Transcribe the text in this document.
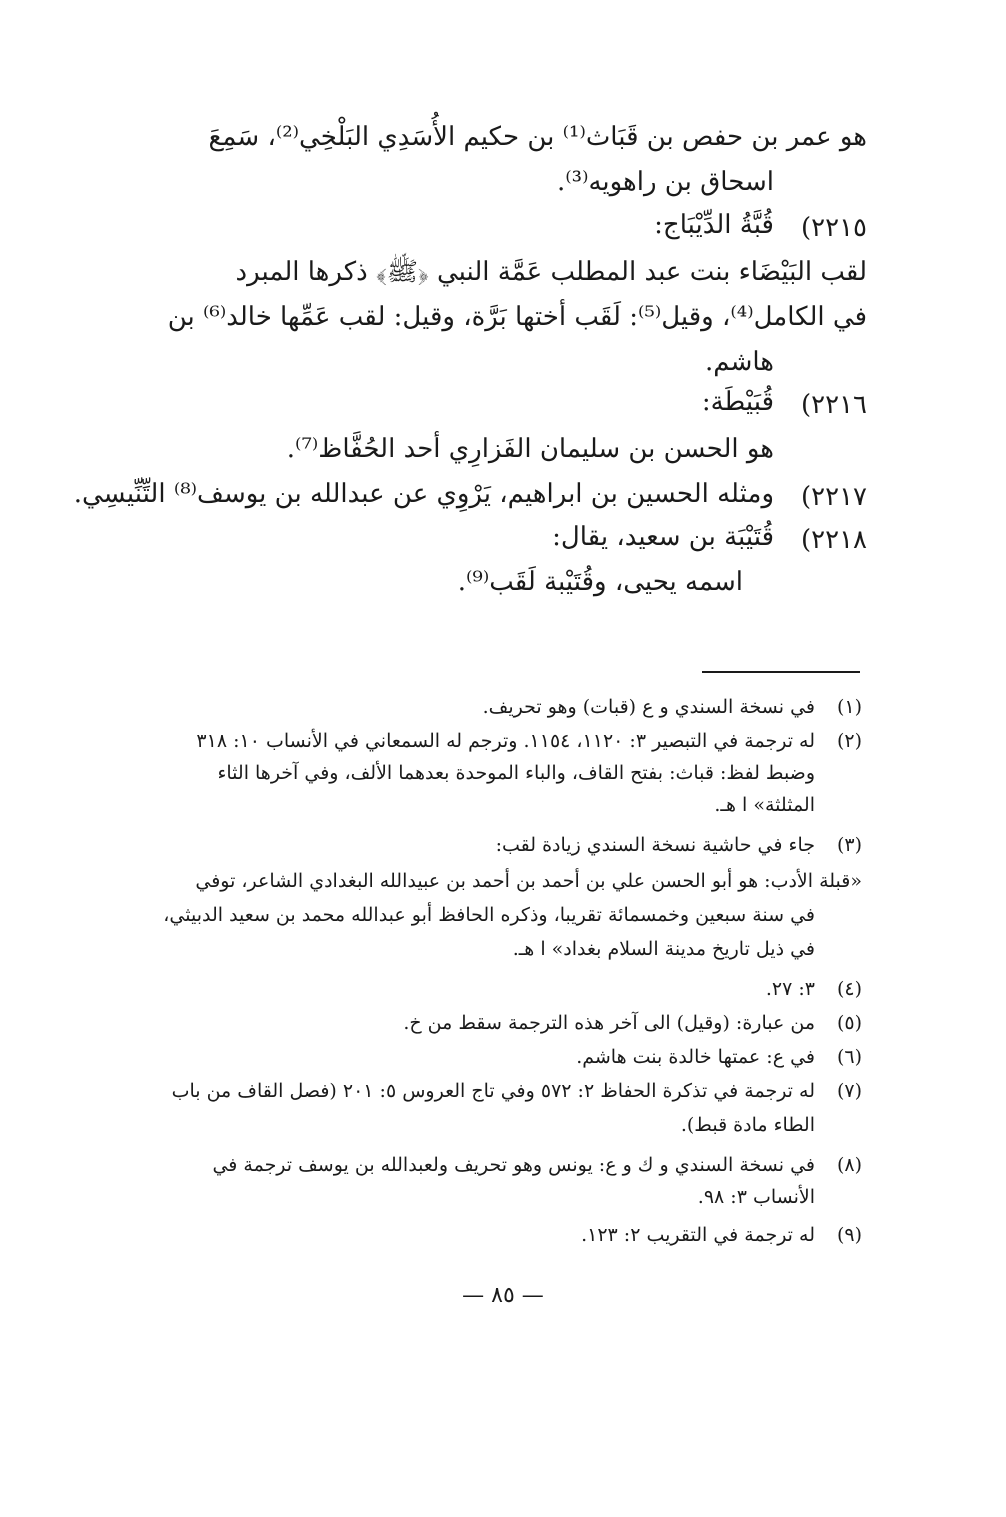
هو عمر بن حفص بن قَبَاث⁽¹⁾ بن حكيم الأُسَدِي البَلْخِي⁽²⁾، سَمِعَ
اسحاق بن راهويه⁽³⁾.
٢٢١٥)
قُبَّةُ الدِّيْبَاج:
لقب البَيْضَاء بنت عبد المطلب عَمَّة النبي ﴿ﷺ﴾ ذكرها المبرد
في الكامل⁽⁴⁾، وقيل⁽⁵⁾: لَقَب أختها بَرَّة، وقيل: لقب عَمِّها خالد⁽⁶⁾ بن
هاشم.
٢٢١٦)
قُبَيْطَة:
هو الحسن بن سليمان الفَزارِي أحد الحُفَّاظ⁽⁷⁾.
٢٢١٧)
ومثله الحسين بن ابراهيم، يَرْوِي عن عبدالله بن يوسف⁽⁸⁾ التِّنِّيسِي.
٢٢١٨)
قُتَيْبَة بن سعيد، يقال:
اسمه يحيى، وقُتَيْبة لَقَب⁽⁹⁾.
(١)
في نسخة السندي و ع (قبات) وهو تحريف.
(٢)
له ترجمة في التبصير ٣: ١١٢٠، ١١٥٤. وترجم له السمعاني في الأنساب ١٠: ٣١٨
وضبط لفظ: قباث: بفتح القاف، والباء الموحدة بعدهما الألف، وفي آخرها الثاء
المثلثة» ا هـ.
(٣)
جاء في حاشية نسخة السندي زيادة لقب:
«قبلة الأدب: هو أبو الحسن علي بن أحمد بن أحمد بن عبيدالله البغدادي الشاعر، توفي
في سنة سبعين وخمسمائة تقريبا، وذكره الحافظ أبو عبدالله محمد بن سعيد الدبيثي،
في ذيل تاريخ مدينة السلام بغداد» ا هـ.
(٤)
٣: ٢٧.
(٥)
من عبارة: (وقيل) الى آخر هذه الترجمة سقط من خ.
(٦)
في ع: عمتها خالدة بنت هاشم.
(٧)
له ترجمة في تذكرة الحفاظ ٢: ٥٧٢ وفي تاج العروس ٥: ٢٠١ (فصل القاف من باب
الطاء مادة قبط).
(٨)
في نسخة السندي و ك و ع: يونس وهو تحريف ولعبدالله بن يوسف ترجمة في
الأنساب ٣: ٩٨.
(٩)
له ترجمة في التقريب ٢: ١٢٣.
— ٨٥ —
